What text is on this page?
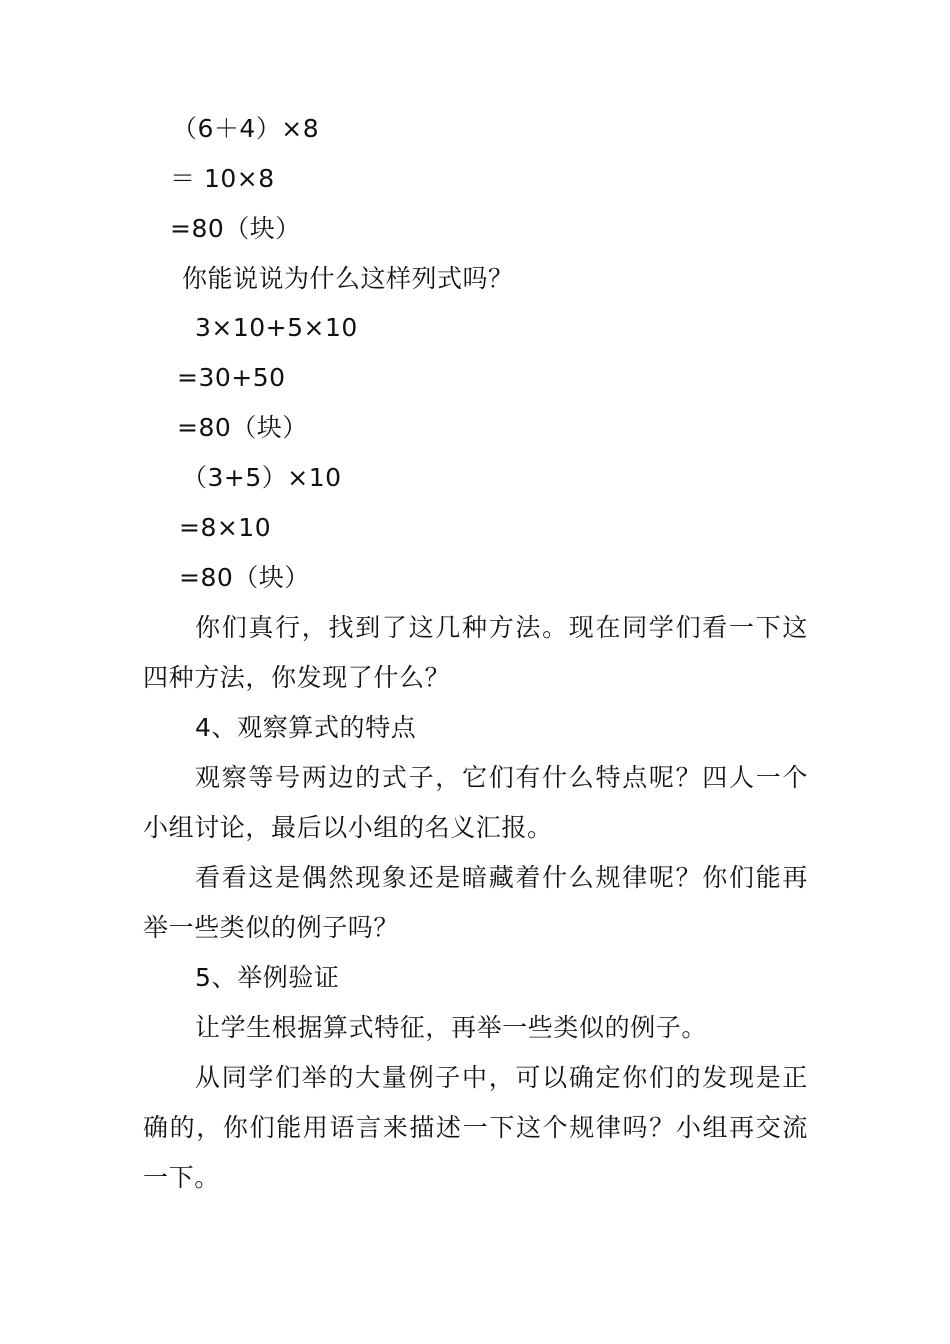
（6＋4）×8
＝ 10×8
=80（块）
你能说说为什么这样列式吗？
3×10+5×10
=30+50
=80（块）
（3+5）×10
=8×10
=80（块）
你们真行，找到了这几种方法。现在同学们看一下这四种方法，你发现了什么？
4、观察算式的特点
观察等号两边的式子，它们有什么特点呢？四人一个小组讨论，最后以小组的名义汇报。
看看这是偶然现象还是暗藏着什么规律呢？你们能再举一些类似的例子吗？
5、举例验证
让学生根据算式特征，再举一些类似的例子。
从同学们举的大量例子中，可以确定你们的发现是正确的，你们能用语言来描述一下这个规律吗？小组再交流一下。
